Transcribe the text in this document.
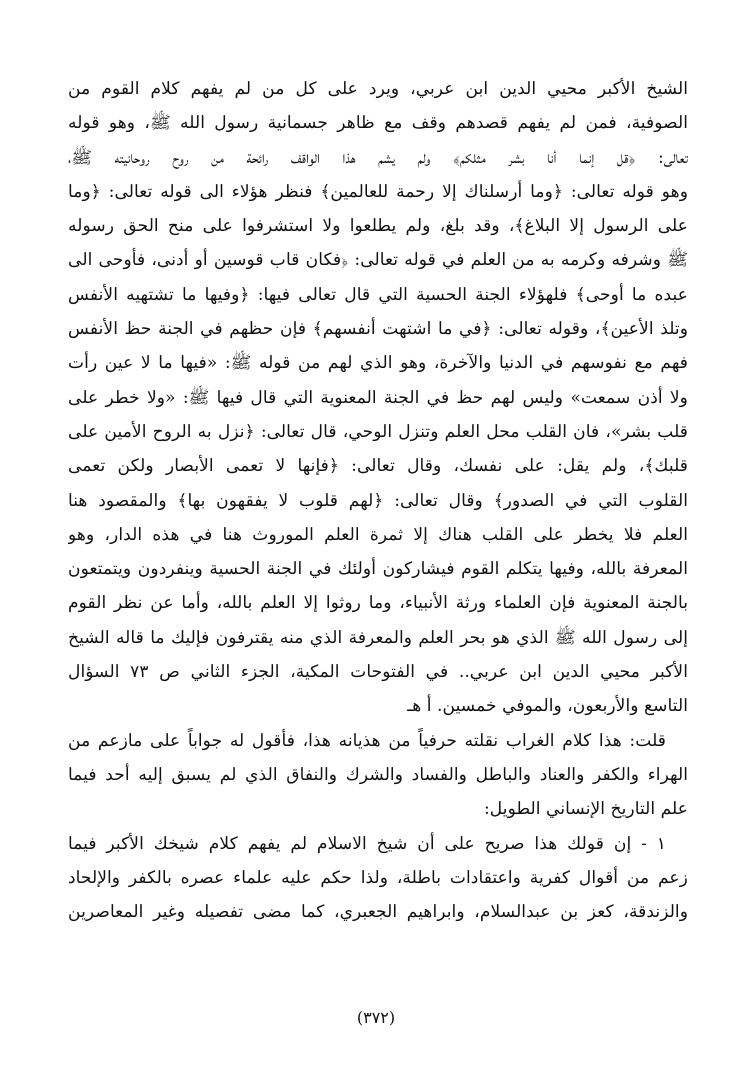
الشيخ الأكبر محيي الدين ابن عربي، ويرد على كل من لم يفهم كلام القوم من
الصوفية، فمن لم يفهم قصدهم وقف مع ظاهر جسمانية رسول الله ﷺ، وهو قوله
تعالى: ﴿قل إنما أنا بشر مثلكم﴾ ولم يشم هذا الواقف رائحة من روح روحانيته ﷺ،
وهو قوله تعالى: ﴿وما أرسلناك إلا رحمة للعالمين﴾ فنظر هؤلاء الى قوله تعالى: ﴿وما
على الرسول إلا البلاغ﴾، وقد بلغ، ولم يطلعوا ولا استشرفوا على منح الحق رسوله
ﷺ وشرفه وكرمه به من العلم في قوله تعالى: ﴿فكان قاب قوسين أو أدنى، فأوحى الى
عبده ما أوحى﴾ فلهؤلاء الجنة الحسية التي قال تعالى فيها: ﴿وفيها ما تشتهيه الأنفس
وتلذ الأعين﴾، وقوله تعالى: ﴿في ما اشتهت أنفسهم﴾ فإن حظهم في الجنة حظ الأنفس
فهم مع نفوسهم في الدنيا والآخرة، وهو الذي لهم من قوله ﷺ: «فيها ما لا عين رأت
ولا أذن سمعت» وليس لهم حظ في الجنة المعنوية التي قال فيها ﷺ: «ولا خطر على
قلب بشر»، فان القلب محل العلم وتنزل الوحي، قال تعالى: ﴿نزل به الروح الأمين على
قلبك﴾، ولم يقل: على نفسك، وقال تعالى: ﴿فإنها لا تعمى الأبصار ولكن تعمى
القلوب التي في الصدور﴾ وقال تعالى: ﴿لهم قلوب لا يفقهون بها﴾ والمقصود هنا
العلم فلا يخطر على القلب هناك إلا ثمرة العلم الموروث هنا في هذه الدار، وهو
المعرفة بالله، وفيها يتكلم القوم فيشاركون أولئك في الجنة الحسية وينفردون ويتمتعون
بالجنة المعنوية فإن العلماء ورثة الأنبياء، وما روثوا إلا العلم بالله، وأما عن نظر القوم
إلى رسول الله ﷺ الذي هو بحر العلم والمعرفة الذي منه يقترفون فإليك ما قاله الشيخ
الأكبر محيي الدين ابن عربي.. في الفتوحات المكية، الجزء الثاني ص ٧٣ السؤال
التاسع والأربعون، والموفي خمسين. أ هـ

قلت: هذا كلام الغراب نقلته حرفياً من هذيانه هذا، فأقول له جواباً على مازعم من
الهراء والكفر والعناد والباطل والفساد والشرك والنفاق الذي لم يسبق إليه أحد فيما
علم التاريخ الإنساني الطويل:

١ - إن قولك هذا صريح على أن شيخ الاسلام لم يفهم كلام شيخك الأكبر فيما
زعم من أقوال كفرية واعتقادات باطلة، ولذا حكم عليه علماء عصره بالكفر والإلحاد
والزندقة، كعز بن عبدالسلام، وابراهيم الجعبري، كما مضى تفصيله وغير المعاصرين

(٣٧٢)
